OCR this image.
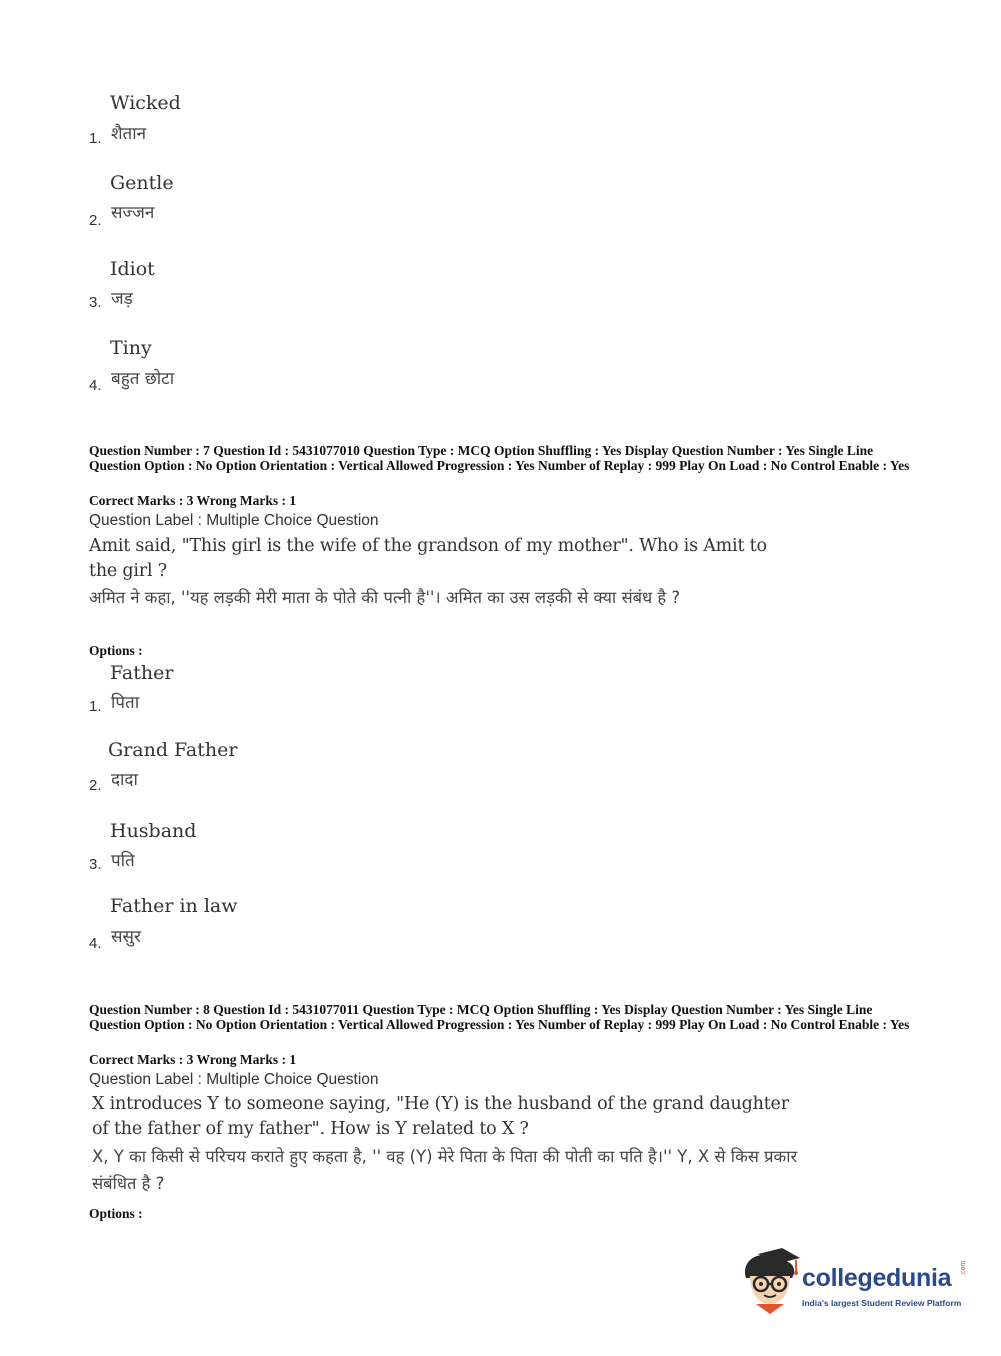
Wicked
1. शैतान
Gentle
2. सज्जन
Idiot
3. जड़
Tiny
4. बहुत छोटा
Question Number : 7 Question Id : 5431077010 Question Type : MCQ Option Shuffling : Yes Display Question Number : Yes Single Line Question Option : No Option Orientation : Vertical Allowed Progression : Yes Number of Replay : 999 Play On Load : No Control Enable : Yes
Correct Marks : 3 Wrong Marks : 1
Question Label : Multiple Choice Question
Amit said, "This girl is the wife of the grandson of my mother". Who is Amit to the girl ?
अमित ने कहा, ''यह लड़की मेरी माता के पोते की पत्नी है''। अमित का उस लड़की से क्या संबंध है ?
Options :
Father
1. पिता
Grand Father
2. दादा
Husband
3. पति
Father in law
4. ससुर
Question Number : 8 Question Id : 5431077011 Question Type : MCQ Option Shuffling : Yes Display Question Number : Yes Single Line Question Option : No Option Orientation : Vertical Allowed Progression : Yes Number of Replay : 999 Play On Load : No Control Enable : Yes
Correct Marks : 3 Wrong Marks : 1
Question Label : Multiple Choice Question
X introduces Y to someone saying, "He (Y) is the husband of the grand daughter of the father of my father". How is Y related to X ?
X, Y का किसी से परिचय कराते हुए कहता है, '' वह (Y) मेरे पिता के पिता की पोती का पति है।'' Y, X से किस प्रकार संबंधित है ?
Options :
collegedunia .com
India's largest Student Review Platform
